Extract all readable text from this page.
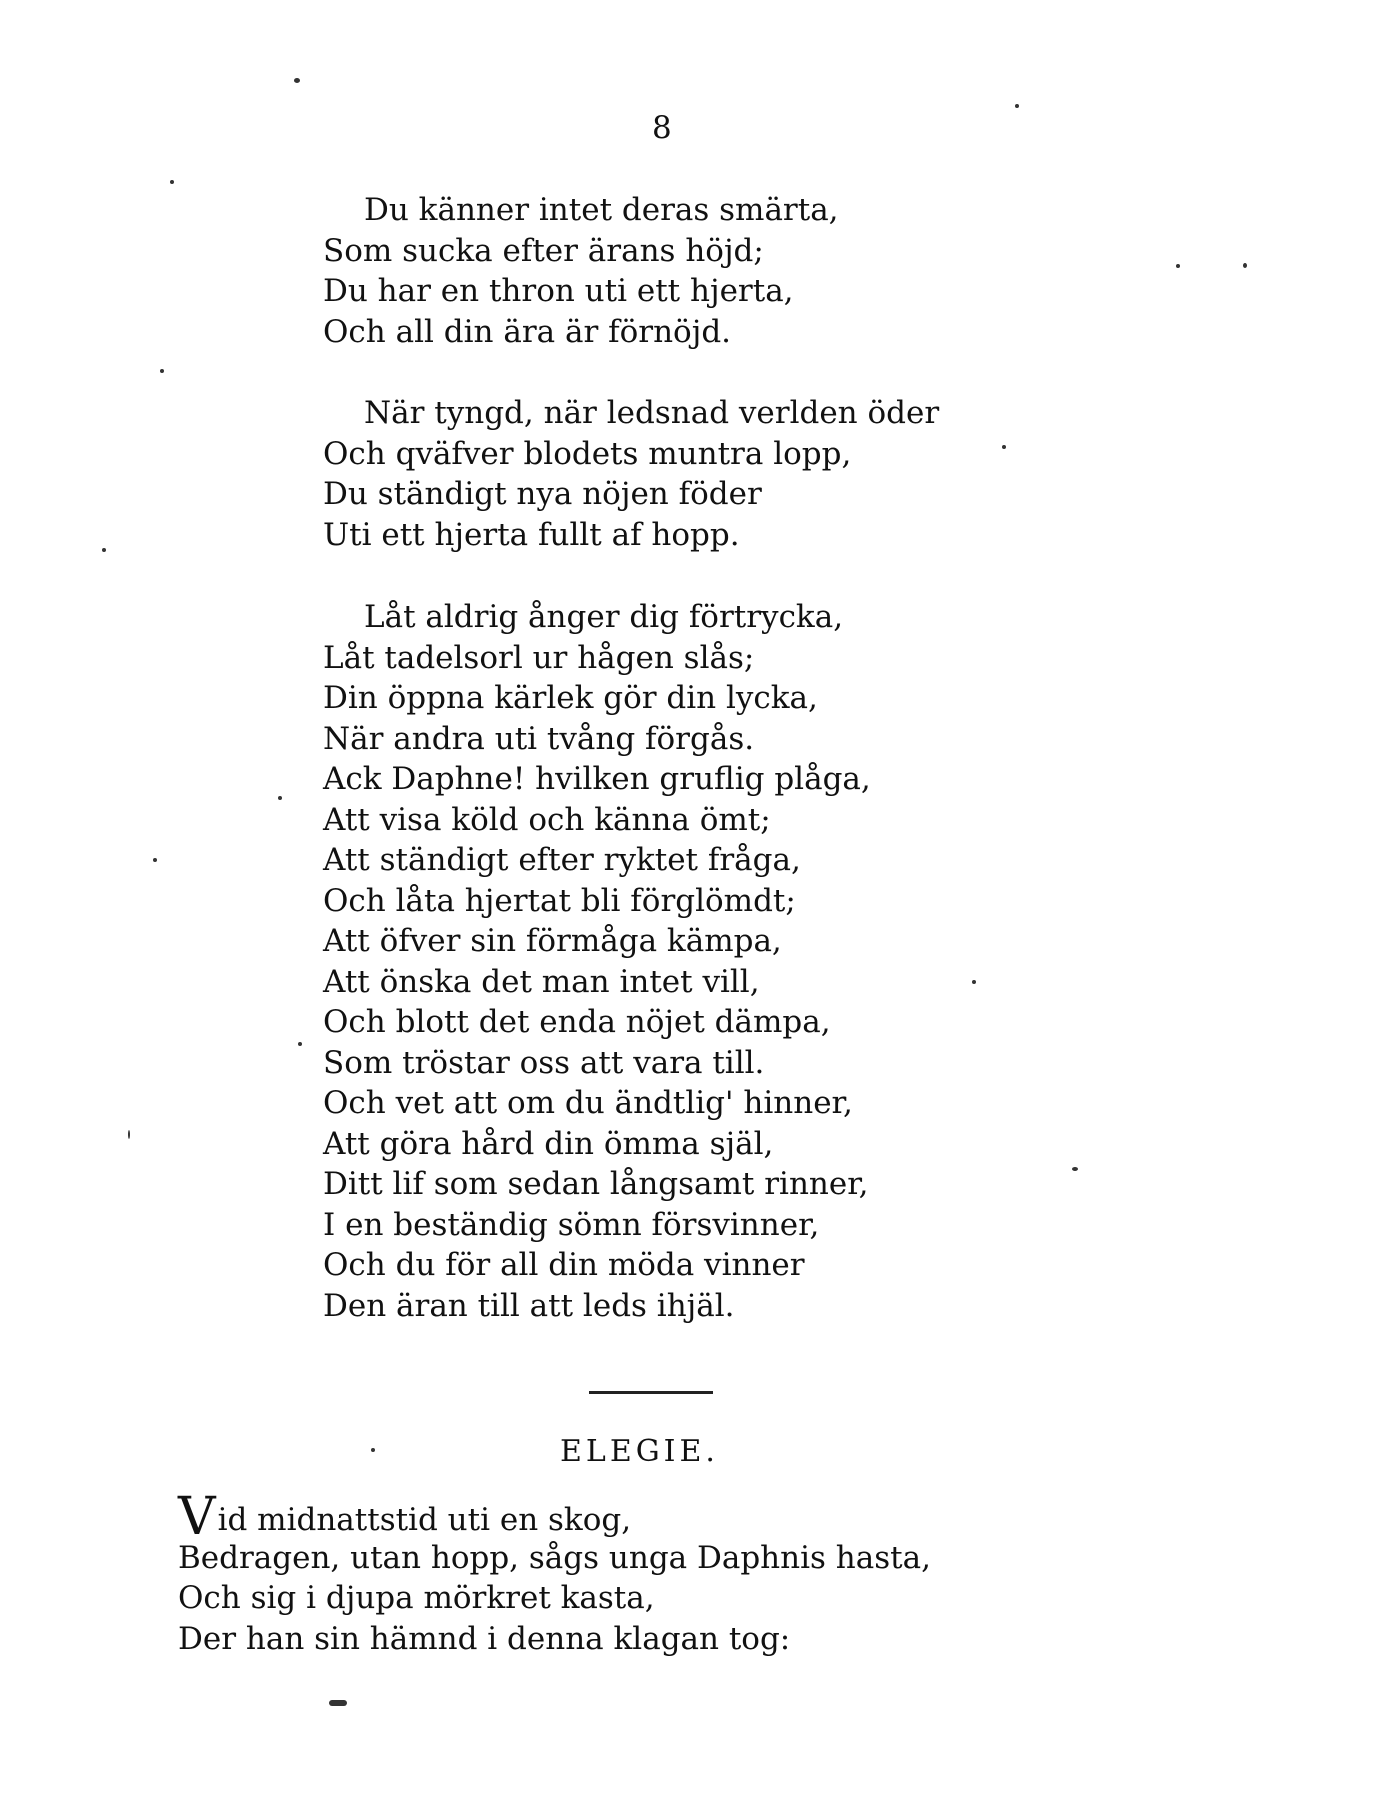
8
Du känner intet deras smärta,
Som sucka efter ärans höjd;
Du har en thron uti ett hjerta,
Och all din ära är förnöjd.
När tyngd, när ledsnad verlden öder
Och qväfver blodets muntra lopp,
Du ständigt nya nöjen föder
Uti ett hjerta fullt af hopp.
Låt aldrig ånger dig förtrycka,
Låt tadelsorl ur hågen slås;
Din öppna kärlek gör din lycka,
När andra uti tvång förgås.
Ack Daphne! hvilken gruflig plåga,
Att visa köld och känna ömt;
Att ständigt efter ryktet fråga,
Och låta hjertat bli förglömdt;
Att öfver sin förmåga kämpa,
Att önska det man intet vill,
Och blott det enda nöjet dämpa,
Som tröstar oss att vara till.
Och vet att om du ändtlig' hinner,
Att göra hård din ömma själ,
Ditt lif som sedan långsamt rinner,
I en beständig sömn försvinner,
Och du för all din möda vinner
Den äran till att leds ihjäl.
ELEGIE.
Vid midnattstid uti en skog,
Bedragen, utan hopp, sågs unga Daphnis hasta,
Och sig i djupa mörkret kasta,
Der han sin hämnd i denna klagan tog:
